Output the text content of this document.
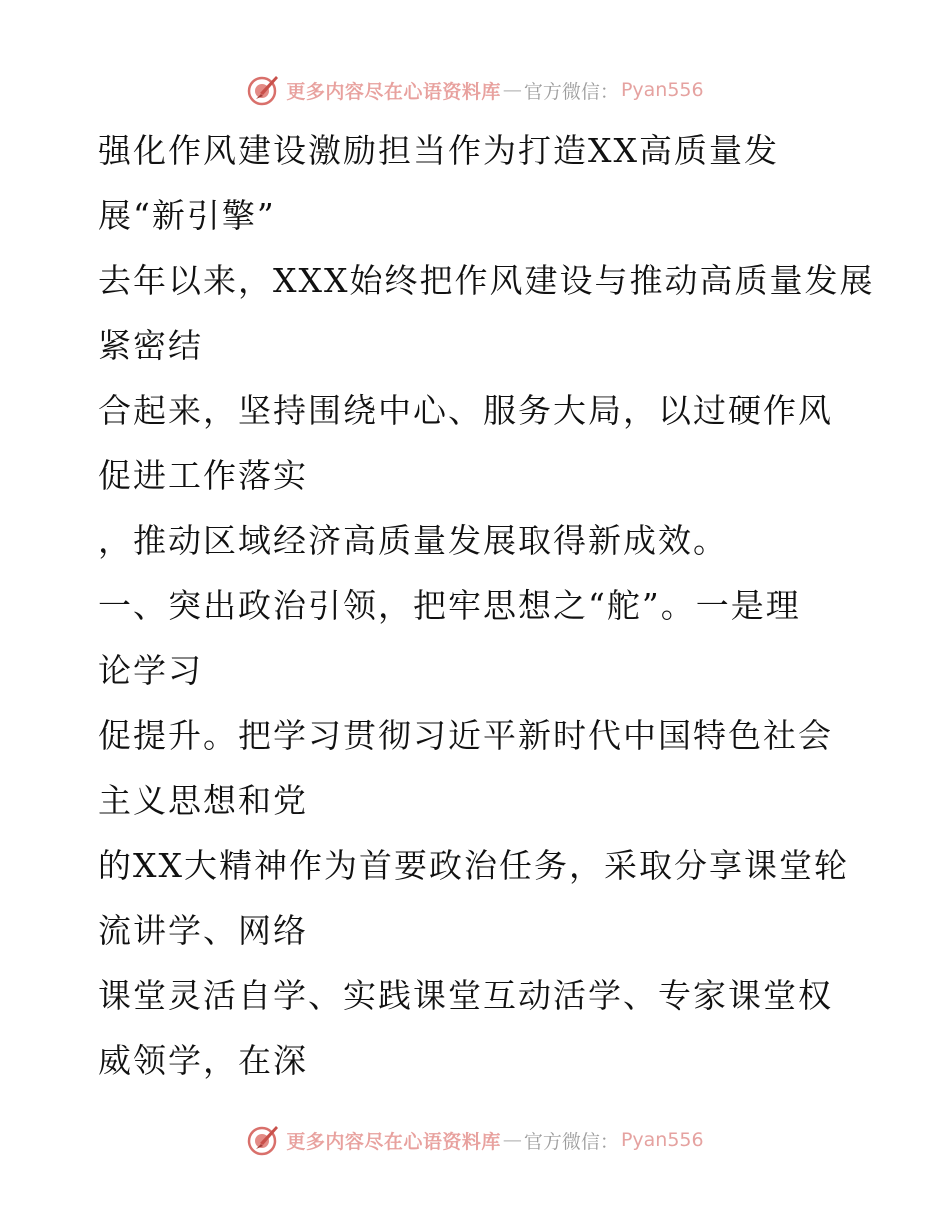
更多内容尽在心语资料库 — 官方微信： Pyan556
强化作风建设激励担当作为打造XX高质量发
展“新引擎”
去年以来，XXX始终把作风建设与推动高质量发展
紧密结
合起来，坚持围绕中心、服务大局，以过硬作风
促进工作落实
，推动区域经济高质量发展取得新成效。
一、突出政治引领，把牢思想之“舵”。一是理
论学习
促提升。把学习贯彻习近平新时代中国特色社会
主义思想和党
的XX大精神作为首要政治任务，采取分享课堂轮
流讲学、网络
课堂灵活自学、实践课堂互动活学、专家课堂权
威领学，在深
更多内容尽在心语资料库 — 官方微信： Pyan556
